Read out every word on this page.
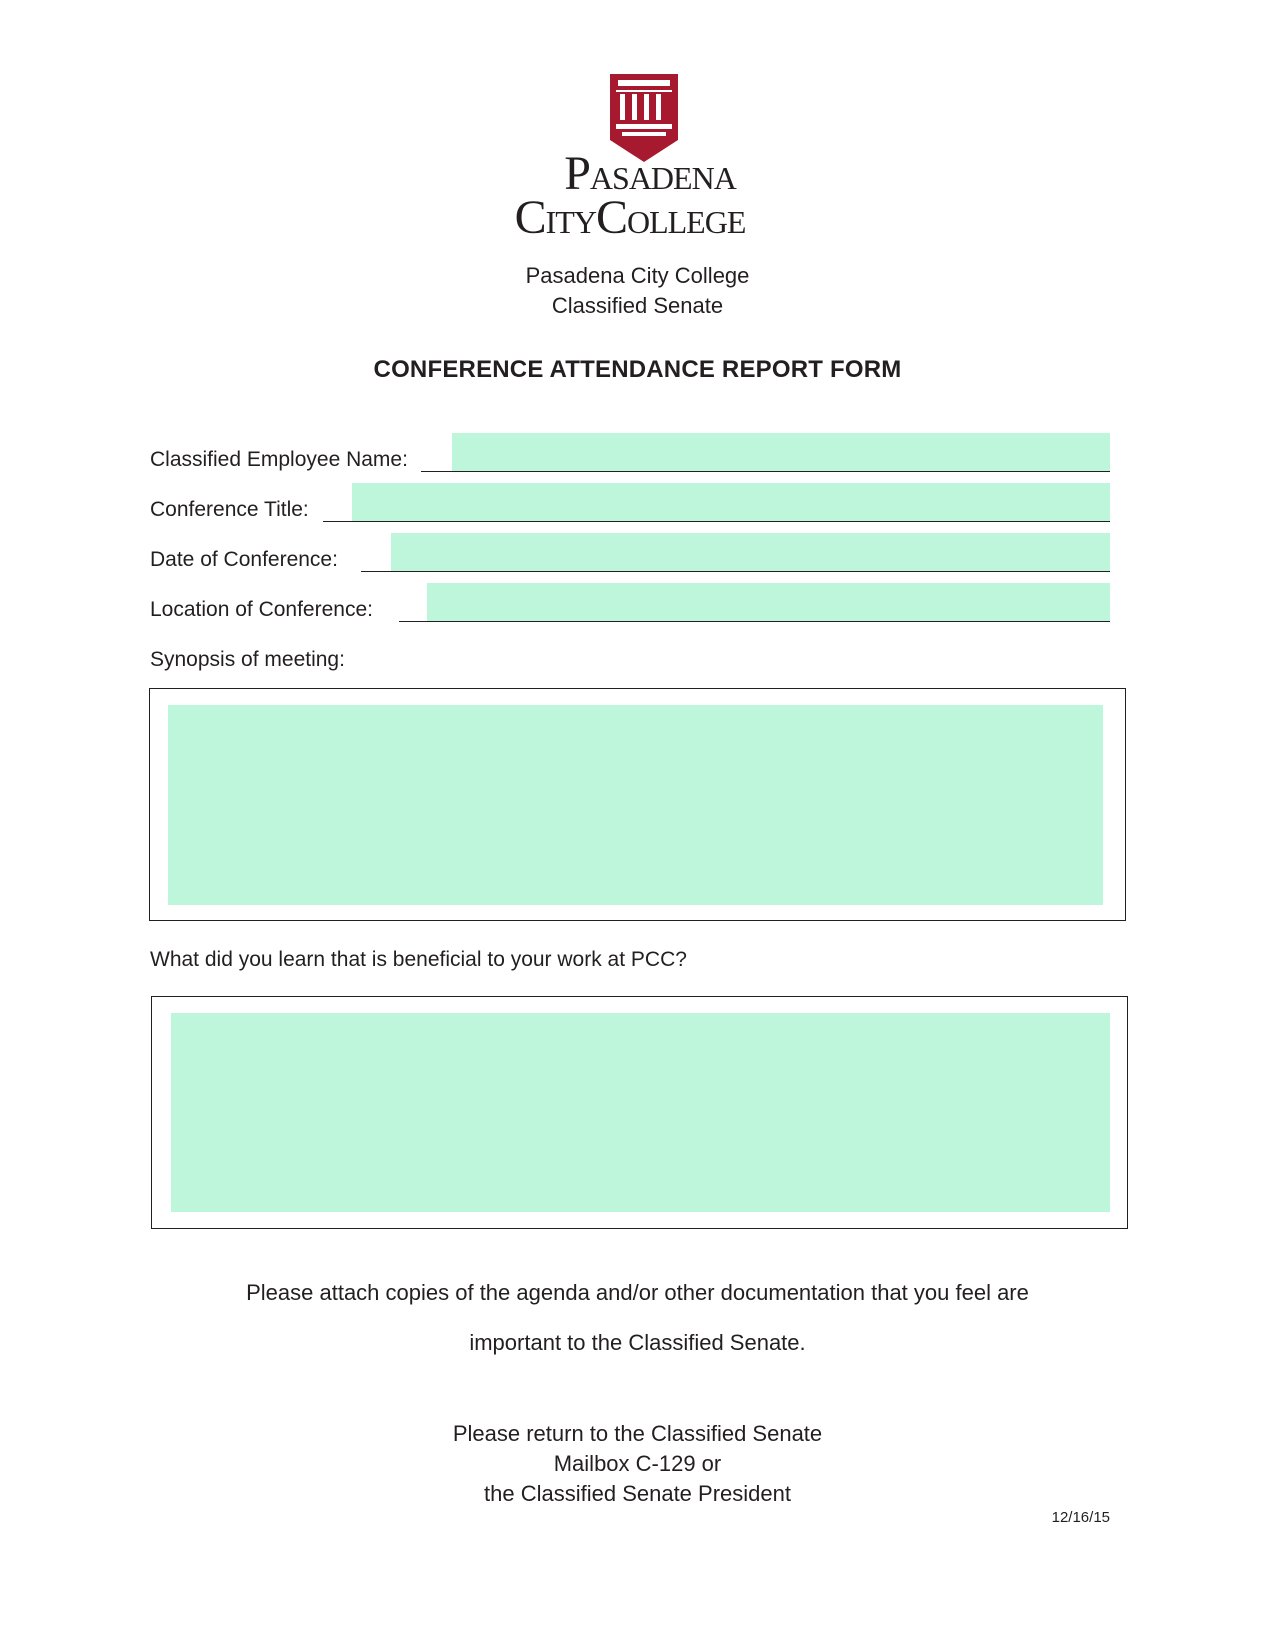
PASADENA
CITYCOLLEGE
Pasadena City College
Classified Senate
CONFERENCE ATTENDANCE REPORT FORM
Classified Employee Name:
Conference Title:
Date of Conference:
Location of Conference:
Synopsis of meeting:
What did you learn that is beneficial to your work at PCC?
Please attach copies of the agenda and/or other documentation that you feel are
important to the Classified Senate.
Please return to the Classified Senate
Mailbox C-129 or
the Classified Senate President
12/16/15
